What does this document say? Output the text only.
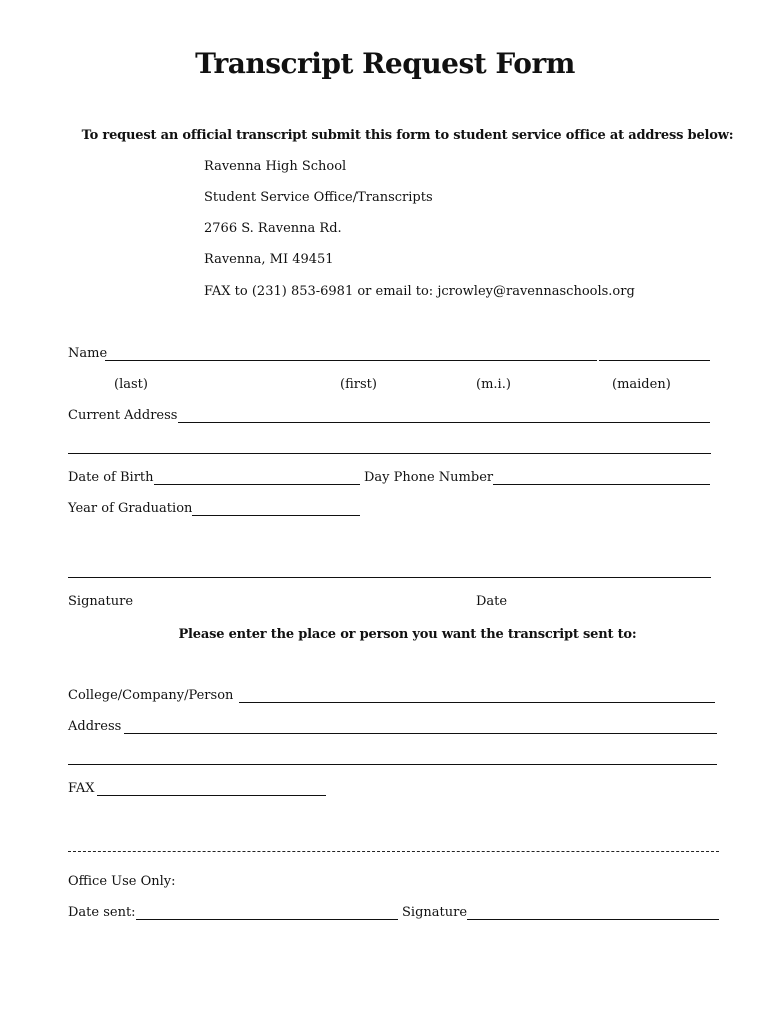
Transcript Request Form
To request an official transcript submit this form to student service office at address below:
Ravenna High School
Student Service Office/Transcripts
2766 S. Ravenna Rd.
Ravenna, MI 49451
FAX to (231) 853-6981 or email to: jcrowley@ravennaschools.org
Name
(last)	(first)	(m.i.)	(maiden)
Current Address
Date of Birth	Day Phone Number
Year of Graduation
Signature	Date
Please enter the place or person you want the transcript sent to:
College/Company/Person
Address
FAX
Office Use Only:
Date sent:	Signature
